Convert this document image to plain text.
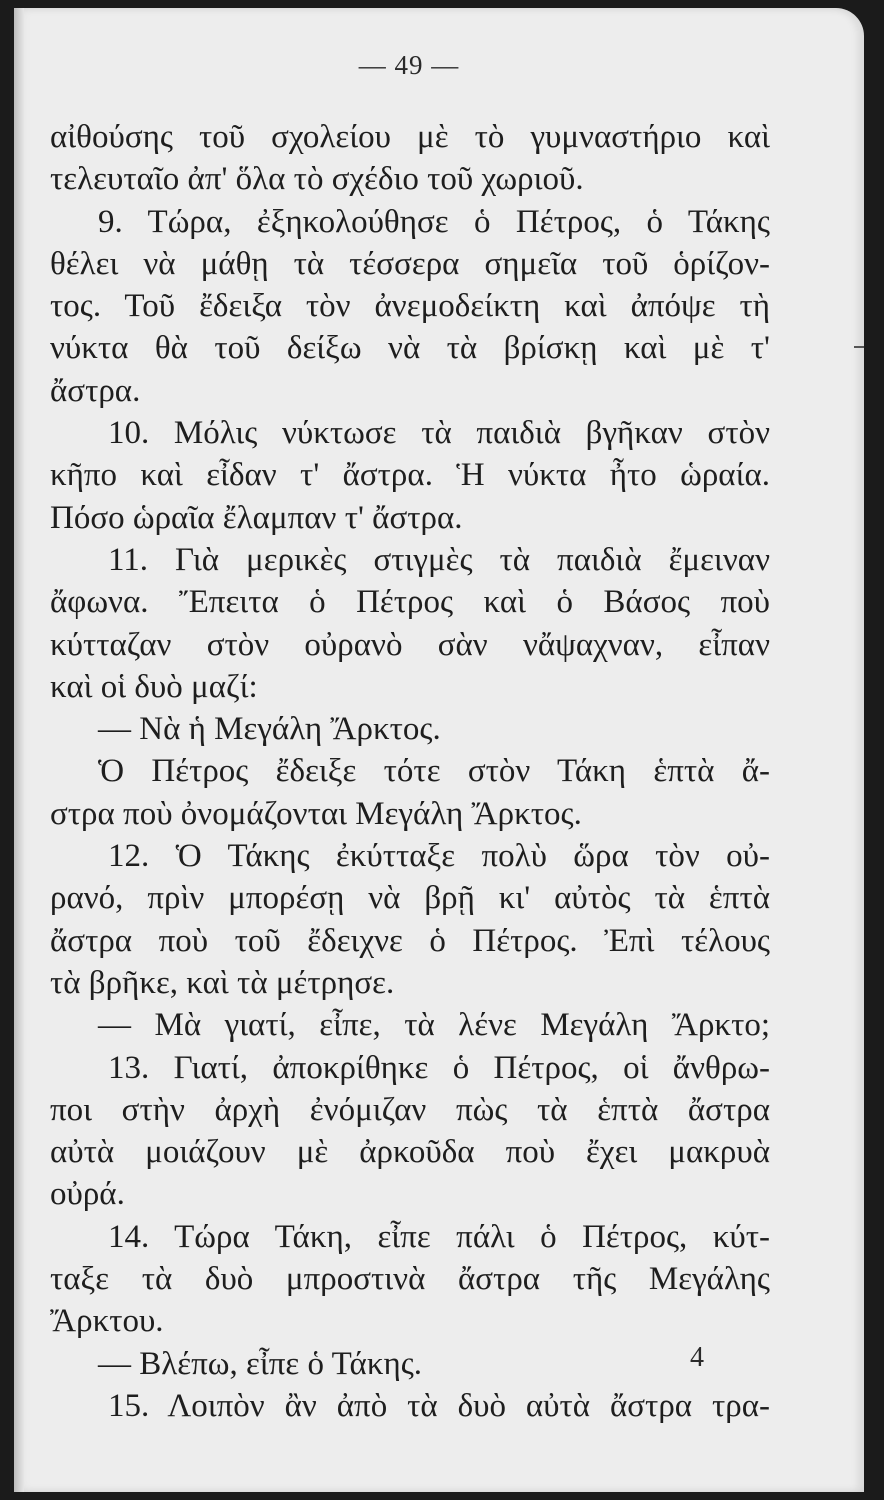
— 49 —
αἰθούσης τοῦ σχολείου μὲ τὸ γυμναστήριο καὶ
τελευταῖο ἀπ' ὅλα τὸ σχέδιο τοῦ χωριοῦ.
9. Τώρα, ἐξηκολούθησε ὁ Πέτρος, ὁ Τάκης
θέλει νὰ μάθῃ τὰ τέσσερα σημεῖα τοῦ ὁρίζον-
τος. Τοῦ ἔδειξα τὸν ἀνεμοδείκτη καὶ ἀπόψε τὴ
νύκτα θὰ τοῦ δείξω νὰ τὰ βρίσκῃ καὶ μὲ τ'
ἄστρα.
10. Μόλις νύκτωσε τὰ παιδιὰ βγῆκαν στὸν
κῆπο καὶ εἶδαν τ' ἄστρα. Ἡ νύκτα ἦτο ὡραία.
Πόσο ὡραῖα ἔλαμπαν τ' ἄστρα.
11. Γιὰ μερικὲς στιγμὲς τὰ παιδιὰ ἔμειναν
ἄφωνα. Ἔπειτα ὁ Πέτρος καὶ ὁ Βάσος ποὺ
κύτταζαν στὸν οὐρανὸ σὰν νἄψαχναν, εἶπαν
καὶ οἱ δυὸ μαζί:
— Νὰ ἡ Μεγάλη Ἄρκτος.
Ὁ Πέτρος ἔδειξε τότε στὸν Τάκη ἑπτὰ ἄ-
στρα ποὺ ὀνομάζονται Μεγάλη Ἄρκτος.
12. Ὁ Τάκης ἐκύτταξε πολὺ ὥρα τὸν οὐ-
ρανό, πρὶν μπορέσῃ νὰ βρῇ κι' αὐτὸς τὰ ἑπτὰ
ἄστρα ποὺ τοῦ ἔδειχνε ὁ Πέτρος. Ἐπὶ τέλους
τὰ βρῆκε, καὶ τὰ μέτρησε.
— Μὰ γιατί, εἶπε, τὰ λένε Μεγάλη Ἄρκτο;
13. Γιατί, ἀποκρίθηκε ὁ Πέτρος, οἱ ἄνθρω-
ποι στὴν ἀρχὴ ἐνόμιζαν πὼς τὰ ἑπτὰ ἄστρα
αὐτὰ μοιάζουν μὲ ἀρκοῦδα ποὺ ἔχει μακρυὰ
οὐρά.
14. Τώρα Τάκη, εἶπε πάλι ὁ Πέτρος, κύτ-
ταξε τὰ δυὸ μπροστινὰ ἄστρα τῆς Μεγάλης
Ἄρκτου.
— Βλέπω, εἶπε ὁ Τάκης.
15. Λοιπὸν ἂν ἀπὸ τὰ δυὸ αὐτὰ ἄστρα τρα-
4
